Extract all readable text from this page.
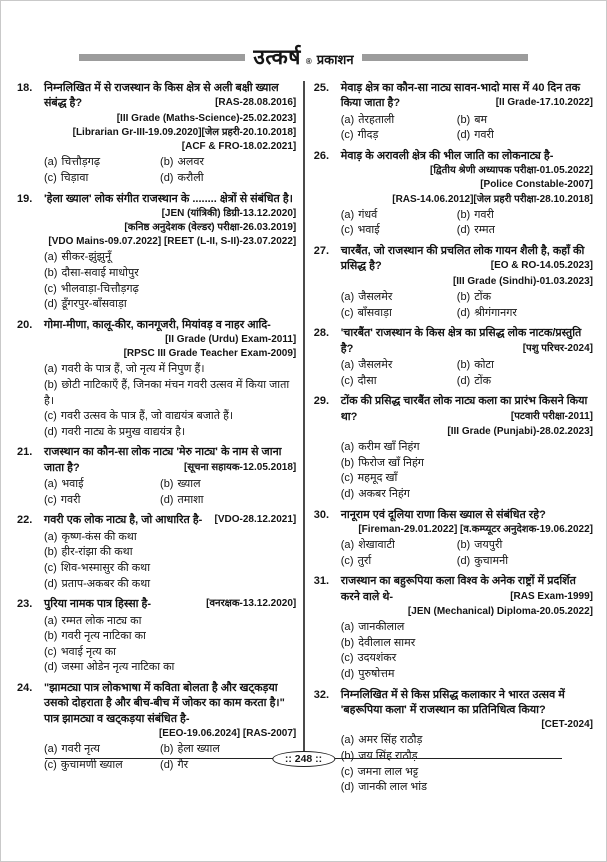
उत्कर्ष $_®$ प्रकाशन
18.	निम्नलिखित में से राजस्थान के किस क्षेत्र से अली बक्षी ख्याल संबंद्ध है?	[RAS-28.08.2016]

[III Grade (Maths-Science)-25.02.2023]
[Librarian Gr-III-19.09.2020][जेल प्रहरी-20.10.2018]
[ACF & FRO-18.02.2021]
(a) चित्तौड़गढ़	(b) अलवर
(c) चिड़ावा	(d) करौली
19.	'हेला ख्याल' लोक संगीत राजस्थान के ........ क्षेत्रों से संबंधित है।
[JEN (यांत्रिकी) डिग्री-13.12.2020]

[कनिष्ठ अनुदेशक (वेल्डर) परीक्षा-26.03.2019]
[VDO Mains-09.07.2022] [REET (L-II, S-II)-23.07.2022]
(a) सीकर-झुंझुनूँ
(b) दौसा-सवाई माधोपुर
(c) भीलवाड़ा-चित्तौड़गढ़
(d) डूँगरपुर-बाँसवाड़ा
20.	गोमा-मीणा, कालू-कीर, कानगूजरी, मियांवड़ व नाहर आदि-
[II Grade (Urdu) Exam-2011]

[RPSC III Grade Teacher Exam-2009]
(a) गवरी के पात्र हैं, जो नृत्य में निपुण हैं।
(b) छोटी नाटिकाएँ हैं, जिनका मंचन गवरी उत्सव में किया जाता है।
(c) गवरी उत्सव के पात्र हैं, जो वाद्ययंत्र बजाते हैं।
(d) गवरी नाट्य के प्रमुख वाद्ययंत्र है।
21.	राजस्थान का कौन-सा लोक नाट्य 'मेरु नाट्य' के नाम से जाना जाता है?	[सूचना सहायक-12.05.2018]

(a) भवाई	(b) ख्याल
(c) गवरी	(d) तमाशा
22.	गवरी एक लोक नाट्य है, जो आधारित है- [VDO-28.12.2021]

(a) कृष्ण-कंस की कथा
(b) हीर-रांझा की कथा
(c) शिव-भस्मासुर की कथा
(d) प्रताप-अकबर की कथा
23.	पुरिया नामक पात्र हिस्सा है-	[वनरक्षक-13.12.2020]

(a) रम्मत लोक नाट्य का
(b) गवरी नृत्य नाटिका का
(c) भवाई नृत्य का
(d) जस्मा ओडेन नृत्य नाटिका का
24.	"झामट्या पात्र लोकभाषा में कविता बोलता है और खट्कड़या उसको दोहराता है और बीच-बीच में जोकर का काम करता है।" पात्र झामट्या व खट्कड़या संबंधित है-
[EEO-19.06.2024] [RAS-2007]

(a) गवरी नृत्य	(b) हेला ख्याल
(c) कुचामणी ख्याल	(d) गैर
25.	मेवाड़ क्षेत्र का कौन-सा नाट्य सावन-भादो मास में 40 दिन तक किया जाता है?	[II Grade-17.10.2022]

(a) तेरहताली	(b) बम
(c) गीदड़	(d) गवरी
26.	मेवाड़ के अरावली क्षेत्र की भील जाति का लोकनाट्य है-
[द्वितीय श्रेणी अध्यापक परीक्षा-01.05.2022]

[Police Constable-2007]
[RAS-14.06.2012][जेल प्रहरी परीक्षा-28.10.2018]
(a) गंधर्व	(b) गवरी
(c) भवाई	(d) रम्मत
27.	चारबैंत, जो राजस्थान की प्रचलित लोक गायन शैली है, कहाँ की प्रसिद्ध है?	[EO & RO-14.05.2023]

[III Grade (Sindhi)-01.03.2023]
(a) जैसलमेर	(b) टोंक
(c) बाँसवाड़ा	(d) श्रीगंगानगर
28.	'चारबैंत' राजस्थान के किस क्षेत्र का प्रसिद्ध लोक नाटक/प्रस्तुति है?	[पशु परिचर-2024]

(a) जैसलमेर	(b) कोटा
(c) दौसा	(d) टोंक
29.	टोंक की प्रसिद्ध चारबैंत लोक नाट्य कला का प्रारंभ किसने किया था?	[पटवारी परीक्षा-2011]

[III Grade (Punjabi)-28.02.2023]
(a) करीम खाँ निहंग
(b) फिरोज खाँ निहंग
(c) महमूद खाँ
(d) अकबर निहंग
30.	नानूराम एवं दूलिया राणा किस ख्याल से संबंधित रहे?
[Fireman-29.01.2022] [व.कम्प्यूटर अनुदेशक-19.06.2022]

(a) शेखावाटी	(b) जयपुरी
(c) तुर्रा	(d) कुचामनी
31.	राजस्थान का बहुरूपिया कला विश्व के अनेक राष्ट्रों में प्रदर्शित करने वाले थे-	[RAS Exam-1999]

[JEN (Mechanical) Diploma-20.05.2022]
(a) जानकीलाल
(b) देवीलाल सामर
(c) उदयशंकर
(d) पुरुषोत्तम
32.	निम्नलिखित में से किस प्रसिद्ध कलाकार ने भारत उत्सव में 'बहरूपिया कला' में राजस्थान का प्रतिनिधित्व किया?
[CET-2024]

(a) अमर सिंह राठौड़
(b) जय सिंह राठौड़
(c) जमना लाल भट्ट
(d) जानकी लाल भांड
:: 248 ::
